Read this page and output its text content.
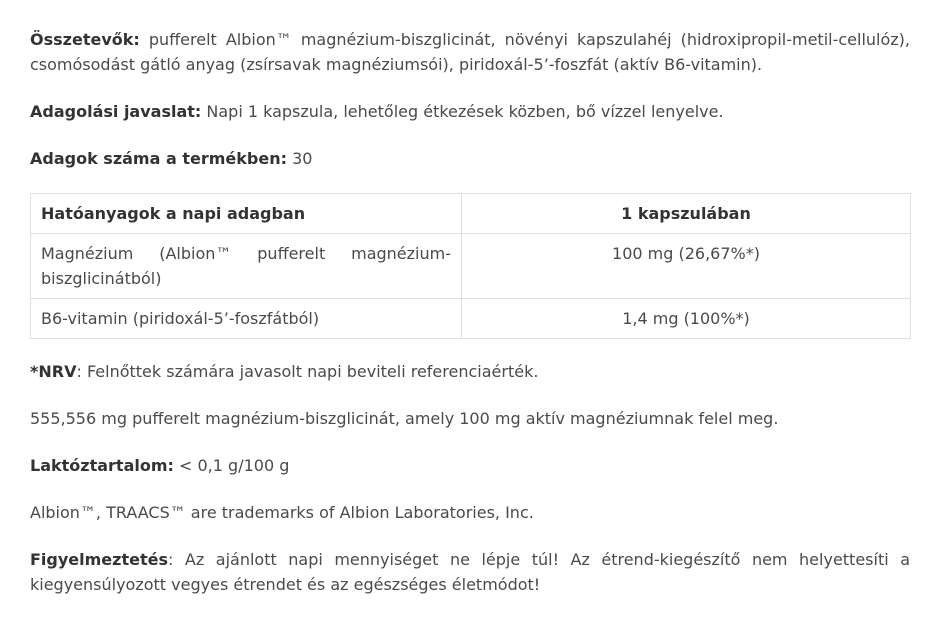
Összetevők: pufferelt Albion™ magnézium-biszglicinát, növényi kapszulahéj (hidroxipropil-metil-cellulóz), csomósodást gátló anyag (zsírsavak magnéziumsói), piridoxál-5’-foszfát (aktív B6-vitamin).

Adagolási javaslat: Napi 1 kapszula, lehetőleg étkezések közben, bő vízzel lenyelve.

Adagok száma a termékben: 30

Hatóanyagok a napi adagban	1 kapszulában
Magnézium (Albion™ pufferelt magnézium-biszglicinátból)	100 mg (26,67%*)
B6-vitamin (piridoxál-5’-foszfátból)	1,4 mg (100%*)

*NRV: Felnőttek számára javasolt napi beviteli referenciaérték.

555,556 mg pufferelt magnézium-biszglicinát, amely 100 mg aktív magnéziumnak felel meg.

Laktóztartalom: < 0,1 g/100 g

Albion™, TRAACS™ are trademarks of Albion Laboratories, Inc.

Figyelmeztetés: Az ajánlott napi mennyiséget ne lépje túl! Az étrend-kiegészítő nem helyettesíti a kiegyensúlyozott vegyes étrendet és az egészséges életmódot!
